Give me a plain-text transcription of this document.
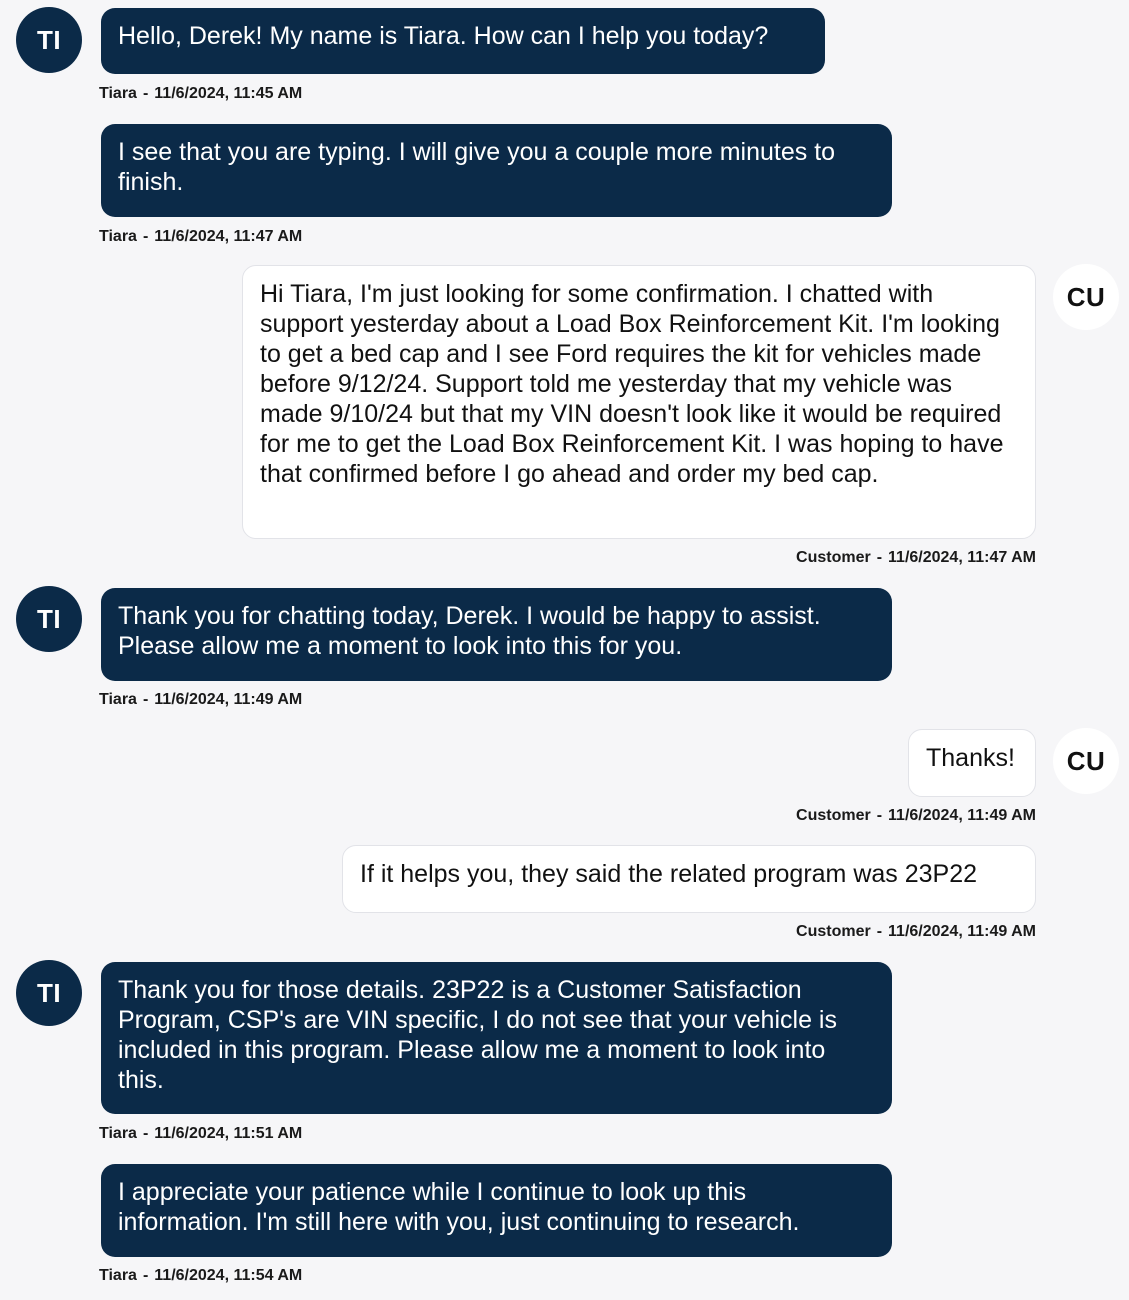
TI	Hello, Derek! My name is Tiara. How can I help you today?
Tiara - 11/6/2024, 11:45 AM
I see that you are typing. I will give you a couple more minutes to finish.
Tiara - 11/6/2024, 11:47 AM
Hi Tiara, I'm just looking for some confirmation. I chatted with support yesterday about a Load Box Reinforcement Kit. I'm looking to get a bed cap and I see Ford requires the kit for vehicles made before 9/12/24. Support told me yesterday that my vehicle was made 9/10/24 but that my VIN doesn't look like it would be required for me to get the Load Box Reinforcement Kit. I was hoping to have that confirmed before I go ahead and order my bed cap.
CU
Customer - 11/6/2024, 11:47 AM
TI	Thank you for chatting today, Derek. I would be happy to assist. Please allow me a moment to look into this for you.
Tiara - 11/6/2024, 11:49 AM
Thanks!	CU
Customer - 11/6/2024, 11:49 AM
If it helps you, they said the related program was 23P22
Customer - 11/6/2024, 11:49 AM
TI	Thank you for those details. 23P22 is a Customer Satisfaction Program, CSP's are VIN specific, I do not see that your vehicle is included in this program. Please allow me a moment to look into this.
Tiara - 11/6/2024, 11:51 AM
I appreciate your patience while I continue to look up this information. I'm still here with you, just continuing to research.
Tiara - 11/6/2024, 11:54 AM
